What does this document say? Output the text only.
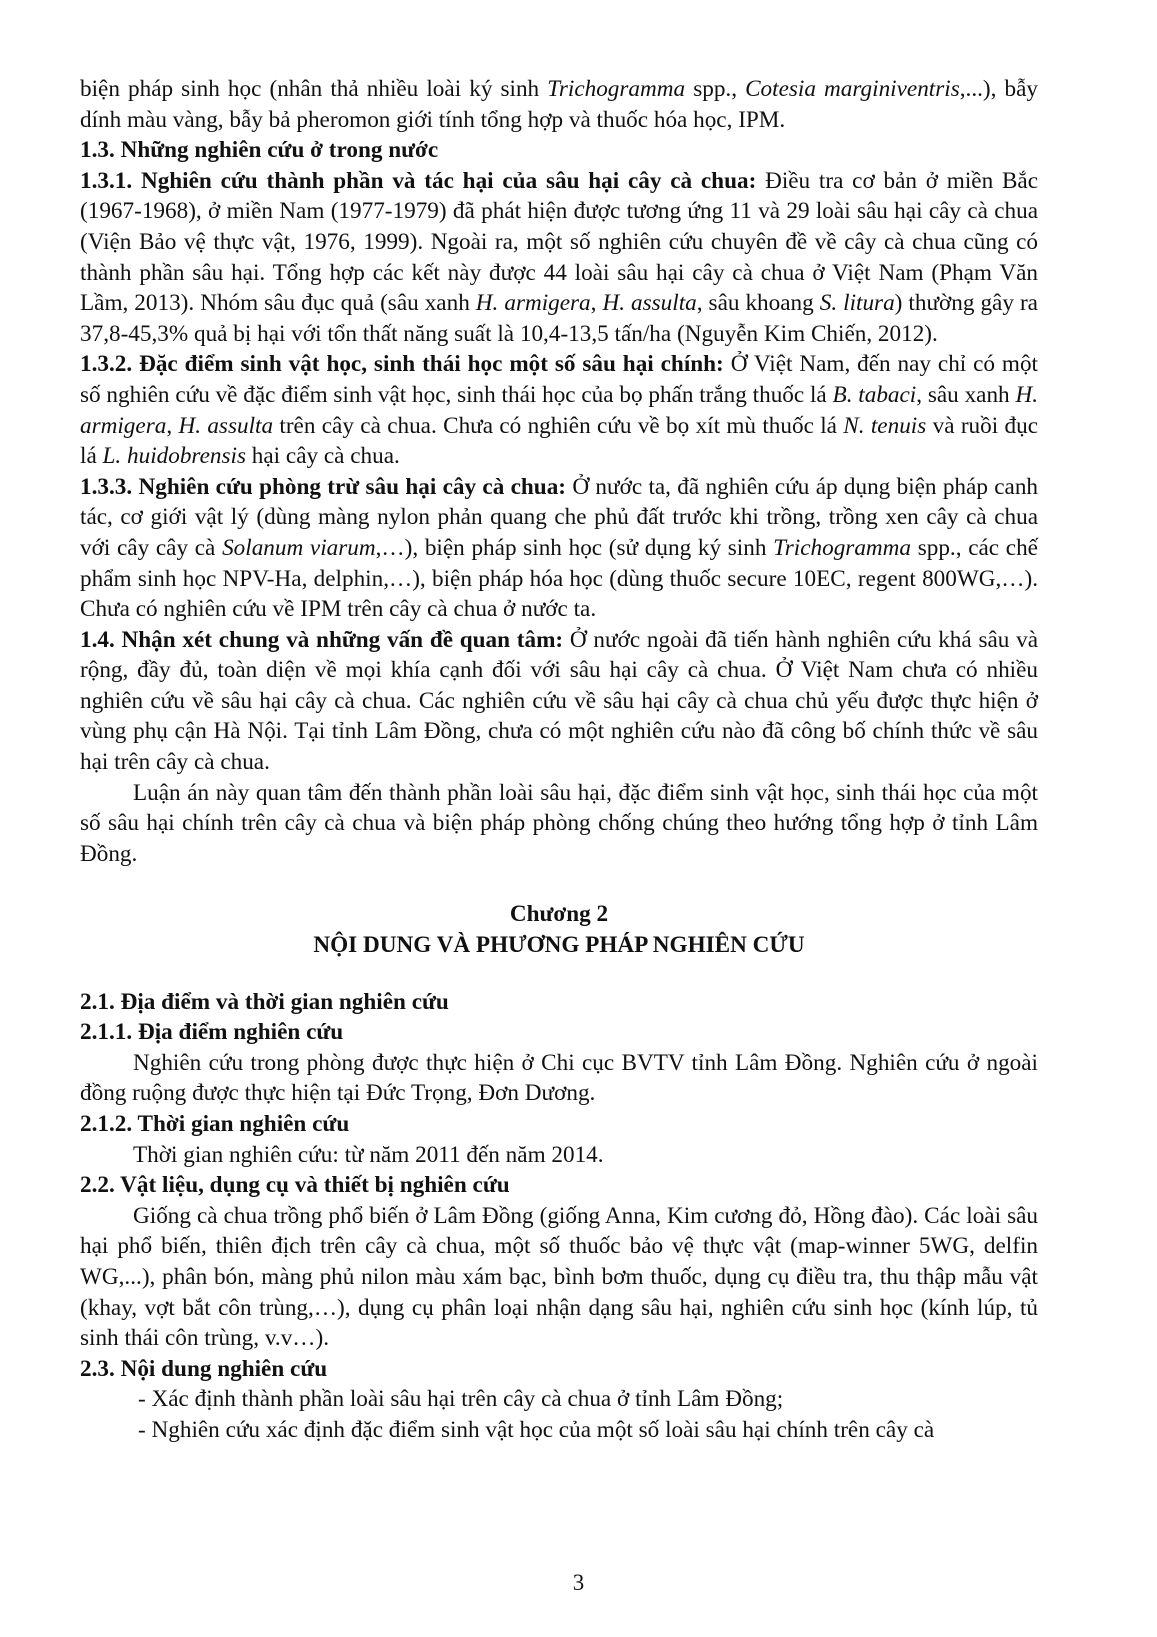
biện pháp sinh học (nhân thả nhiều loài ký sinh Trichogramma spp., Cotesia marginiventris,...), bẫy dính màu vàng, bẫy bả pheromon giới tính tổng hợp và thuốc hóa học, IPM.

1.3. Những nghiên cứu ở trong nước

1.3.1. Nghiên cứu thành phần và tác hại của sâu hại cây cà chua: Điều tra cơ bản ở miền Bắc (1967-1968), ở miền Nam (1977-1979) đã phát hiện được tương ứng 11 và 29 loài sâu hại cây cà chua (Viện Bảo vệ thực vật, 1976, 1999). Ngoài ra, một số nghiên cứu chuyên đề về cây cà chua cũng có thành phần sâu hại. Tổng hợp các kết này được 44 loài sâu hại cây cà chua ở Việt Nam (Phạm Văn Lầm, 2013). Nhóm sâu đục quả (sâu xanh H. armigera, H. assulta, sâu khoang S. litura) thường gây ra 37,8-45,3% quả bị hại với tổn thất năng suất là 10,4-13,5 tấn/ha (Nguyễn Kim Chiến, 2012).

1.3.2. Đặc điểm sinh vật học, sinh thái học một số sâu hại chính: Ở Việt Nam, đến nay chỉ có một số nghiên cứu về đặc điểm sinh vật học, sinh thái học của bọ phấn trắng thuốc lá B. tabaci, sâu xanh H. armigera, H. assulta trên cây cà chua. Chưa có nghiên cứu về bọ xít mù thuốc lá N. tenuis và ruồi đục lá L. huidobrensis hại cây cà chua.

1.3.3. Nghiên cứu phòng trừ sâu hại cây cà chua: Ở nước ta, đã nghiên cứu áp dụng biện pháp canh tác, cơ giới vật lý (dùng màng nylon phản quang che phủ đất trước khi trồng, trồng xen cây cà chua với cây cây cà Solanum viarum,…), biện pháp sinh học (sử dụng ký sinh Trichogramma spp., các chế phẩm sinh học NPV-Ha, delphin,…), biện pháp hóa học (dùng thuốc secure 10EC, regent 800WG,…). Chưa có nghiên cứu về IPM trên cây cà chua ở nước ta.

1.4. Nhận xét chung và những vấn đề quan tâm: Ở nước ngoài đã tiến hành nghiên cứu khá sâu và rộng, đầy đủ, toàn diện về mọi khía cạnh đối với sâu hại cây cà chua. Ở Việt Nam chưa có nhiều nghiên cứu về sâu hại cây cà chua. Các nghiên cứu về sâu hại cây cà chua chủ yếu được thực hiện ở vùng phụ cận Hà Nội. Tại tỉnh Lâm Đồng, chưa có một nghiên cứu nào đã công bố chính thức về sâu hại trên cây cà chua.

Luận án này quan tâm đến thành phần loài sâu hại, đặc điểm sinh vật học, sinh thái học của một số sâu hại chính trên cây cà chua và biện pháp phòng chống chúng theo hướng tổng hợp ở tỉnh Lâm Đồng.

Chương 2

NỘI DUNG VÀ PHƯƠNG PHÁP NGHIÊN CỨU

2.1. Địa điểm và thời gian nghiên cứu

2.1.1. Địa điểm nghiên cứu

Nghiên cứu trong phòng được thực hiện ở Chi cục BVTV tỉnh Lâm Đồng. Nghiên cứu ở ngoài đồng ruộng được thực hiện tại Đức Trọng, Đơn Dương.

2.1.2. Thời gian nghiên cứu

Thời gian nghiên cứu: từ năm 2011 đến năm 2014.

2.2. Vật liệu, dụng cụ và thiết bị nghiên cứu

Giống cà chua trồng phổ biến ở Lâm Đồng (giống Anna, Kim cương đỏ, Hồng đào). Các loài sâu hại phổ biến, thiên địch trên cây cà chua, một số thuốc bảo vệ thực vật (map-winner 5WG, delfin WG,...), phân bón, màng phủ nilon màu xám bạc, bình bơm thuốc, dụng cụ điều tra, thu thập mẫu vật (khay, vợt bắt côn trùng,…), dụng cụ phân loại nhận dạng sâu hại, nghiên cứu sinh học (kính lúp, tủ sinh thái côn trùng, v.v…).

2.3. Nội dung nghiên cứu

- Xác định thành phần loài sâu hại trên cây cà chua ở tỉnh Lâm Đồng;

- Nghiên cứu xác định đặc điểm sinh vật học của một số loài sâu hại chính trên cây cà

3
